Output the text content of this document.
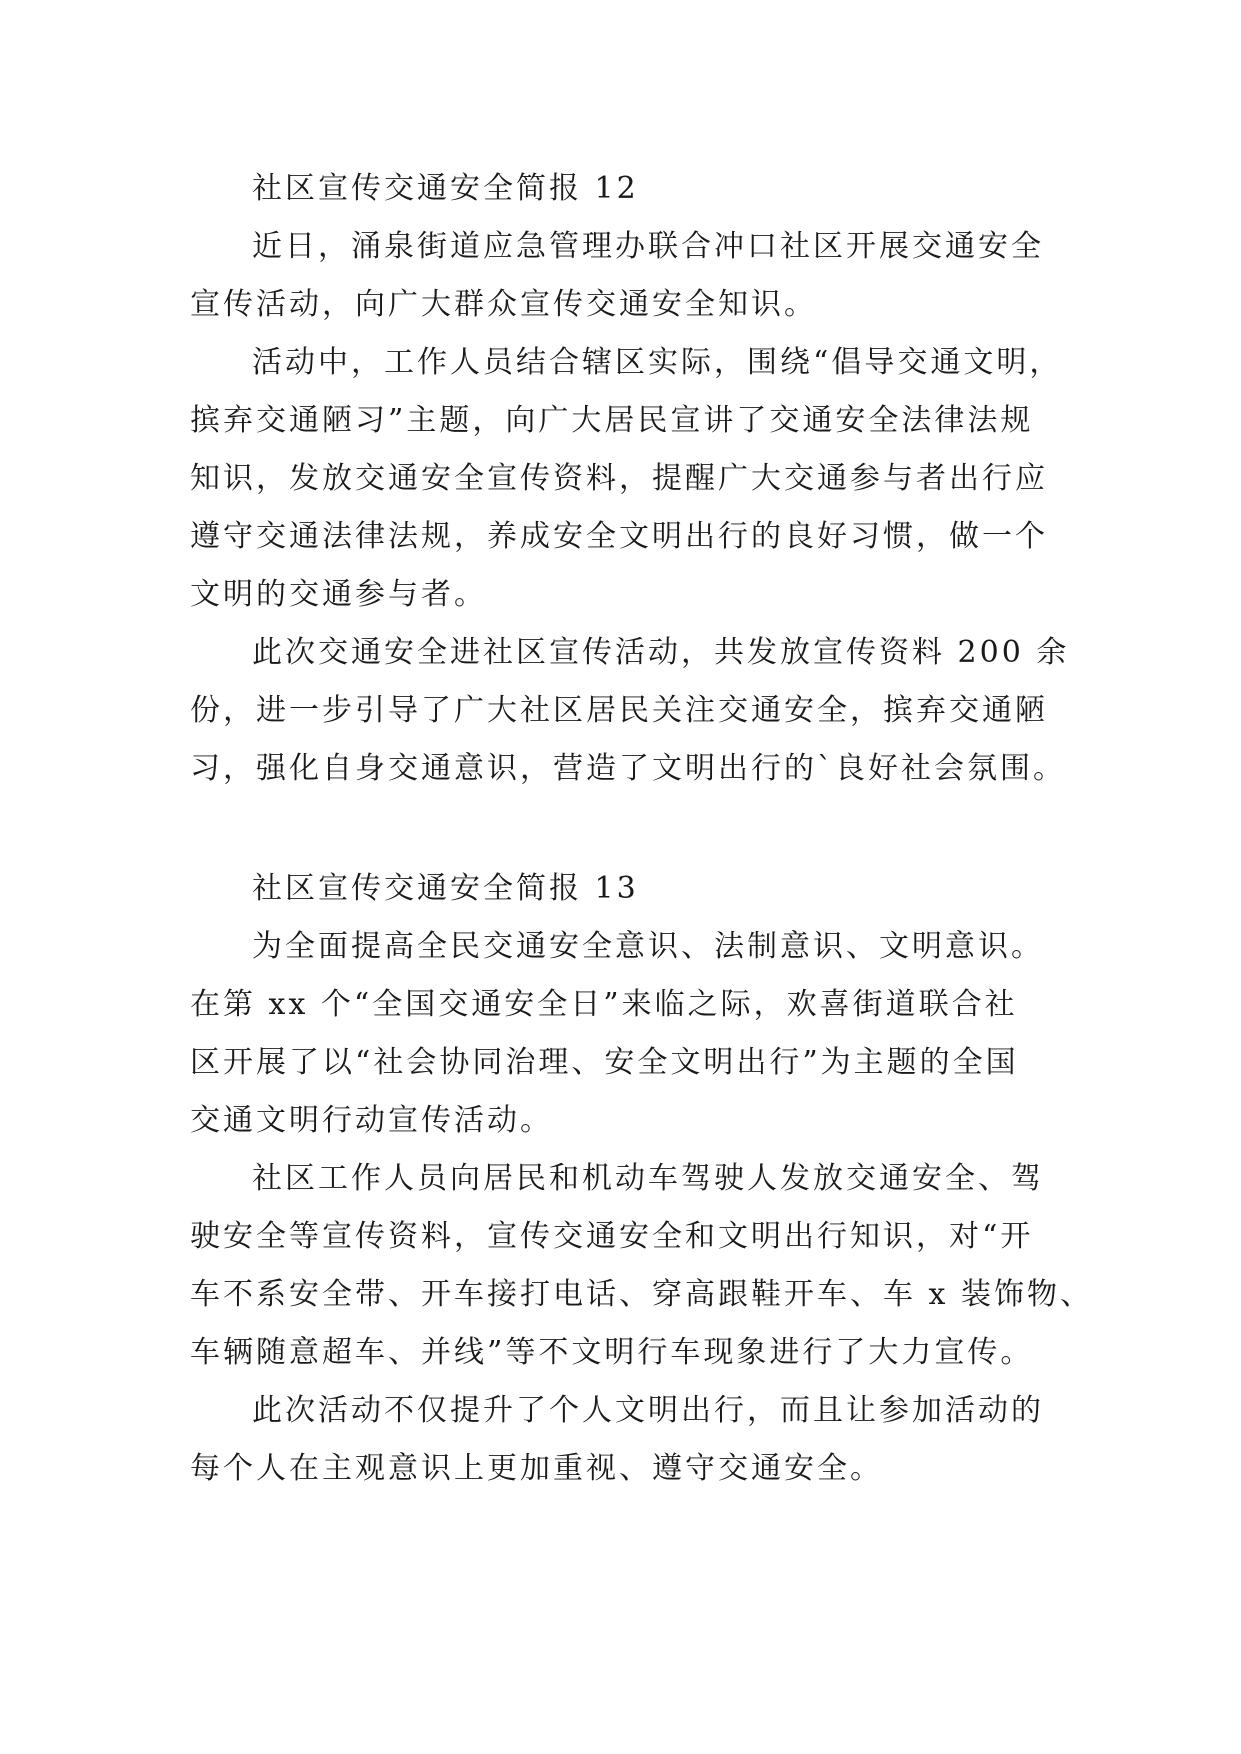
社区宣传交通安全简报 12
近日，涌泉街道应急管理办联合冲口社区开展交通安全
宣传活动，向广大群众宣传交通安全知识。
活动中，工作人员结合辖区实际，围绕“倡导交通文明，
摈弃交通陋习”主题，向广大居民宣讲了交通安全法律法规
知识，发放交通安全宣传资料，提醒广大交通参与者出行应
遵守交通法律法规，养成安全文明出行的良好习惯，做一个
文明的交通参与者。
此次交通安全进社区宣传活动，共发放宣传资料 200 余
份，进一步引导了广大社区居民关注交通安全，摈弃交通陋
习，强化自身交通意识，营造了文明出行的`良好社会氛围。
社区宣传交通安全简报 13
为全面提高全民交通安全意识、法制意识、文明意识。
在第 xx 个“全国交通安全日”来临之际，欢喜街道联合社
区开展了以“社会协同治理、安全文明出行”为主题的全国
交通文明行动宣传活动。
社区工作人员向居民和机动车驾驶人发放交通安全、驾
驶安全等宣传资料，宣传交通安全和文明出行知识，对“开
车不系安全带、开车接打电话、穿高跟鞋开车、车 x 装饰物、
车辆随意超车、并线”等不文明行车现象进行了大力宣传。
此次活动不仅提升了个人文明出行，而且让参加活动的
每个人在主观意识上更加重视、遵守交通安全。
